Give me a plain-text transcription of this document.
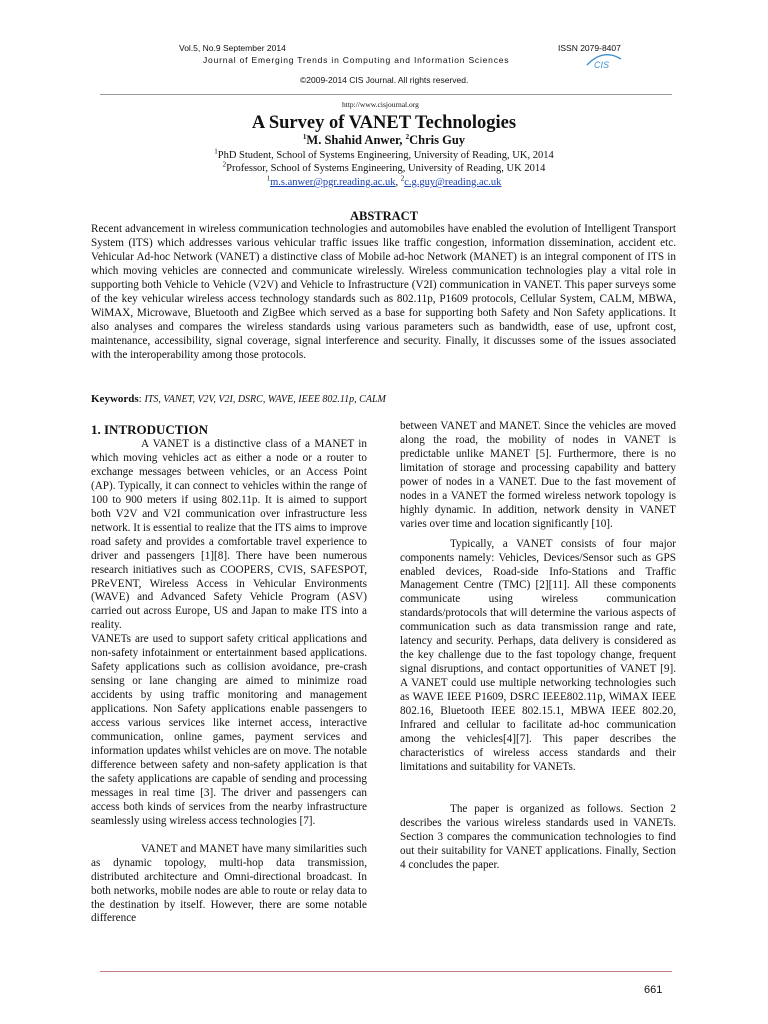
Vol.5, No.9 September 2014	ISSN 2079-8407
Journal of Emerging Trends in Computing and Information Sciences	CIS
©2009-2014 CIS Journal. All rights reserved.
http://www.cisjournal.org
A Survey of VANET Technologies
$^1$M. Shahid Anwer, $^2$Chris Guy
$^1$PhD Student, School of Systems Engineering, University of Reading, UK, 2014
$^2$Professor, School of Systems Engineering, University of Reading, UK 2014
$^1$m.s.anwer@pgr.reading.ac.uk, $^2$c.g.guy@reading.ac.uk
ABSTRACT
Recent advancement in wireless communication technologies and automobiles have enabled the evolution of Intelligent Transport System (ITS) which addresses various vehicular traffic issues like traffic congestion, information dissemination, accident etc. Vehicular Ad-hoc Network (VANET) a distinctive class of Mobile ad-hoc Network (MANET) is an integral component of ITS in which moving vehicles are connected and communicate wirelessly. Wireless communication technologies play a vital role in supporting both Vehicle to Vehicle (V2V) and Vehicle to Infrastructure (V2I) communication in VANET. This paper surveys some of the key vehicular wireless access technology standards such as 802.11p, P1609 protocols, Cellular System, CALM, MBWA, WiMAX, Microwave, Bluetooth and ZigBee which served as a base for supporting both Safety and Non Safety applications. It also analyses and compares the wireless standards using various parameters such as bandwidth, ease of use, upfront cost, maintenance, accessibility, signal coverage, signal interference and security. Finally, it discusses some of the issues associated with the interoperability among those protocols.
Keywords: ITS, VANET, V2V, V2I, DSRC, WAVE, IEEE 802.11p, CALM
1. INTRODUCTION

A VANET is a distinctive class of a MANET in which moving vehicles act as either a node or a router to exchange messages between vehicles, or an Access Point (AP). Typically, it can connect to vehicles within the range of 100 to 900 meters if using 802.11p. It is aimed to support both V2V and V2I communication over infrastructure less network. It is essential to realize that the ITS aims to improve road safety and provides a comfortable travel experience to driver and passengers [1][8]. There have been numerous research initiatives such as COOPERS, CVIS, SAFESPOT, PReVENT, Wireless Access in Vehicular Environments (WAVE) and Advanced Safety Vehicle Program (ASV) carried out across Europe, US and Japan to make ITS into a reality.

VANETs are used to support safety critical applications and non-safety infotainment or entertainment based applications. Safety applications such as collision avoidance, pre-crash sensing or lane changing are aimed to minimize road accidents by using traffic monitoring and management applications. Non Safety applications enable passengers to access various services like internet access, interactive communication, online games, payment services and information updates whilst vehicles are on move. The notable difference between safety and non-safety application is that the safety applications are capable of sending and processing messages in real time [3]. The driver and passengers can access both kinds of services from the nearby infrastructure seamlessly using wireless access technologies [7].

VANET and MANET have many similarities such as dynamic topology, multi-hop data transmission, distributed architecture and Omni-directional broadcast. In both networks, mobile nodes are able to route or relay data to the destination by itself. However, there are some notable difference

between VANET and MANET. Since the vehicles are moved along the road, the mobility of nodes in VANET is predictable unlike MANET [5]. Furthermore, there is no limitation of storage and processing capability and battery power of nodes in a VANET. Due to the fast movement of nodes in a VANET the formed wireless network topology is highly dynamic. In addition, network density in VANET varies over time and location significantly [10].

Typically, a VANET consists of four major components namely: Vehicles, Devices/Sensor such as GPS enabled devices, Road-side Info-Stations and Traffic Management Centre (TMC) [2][11]. All these components communicate using wireless communication standards/protocols that will determine the various aspects of communication such as data transmission range and rate, latency and security. Perhaps, data delivery is considered as the key challenge due to the fast topology change, frequent signal disruptions, and contact opportunities of VANET [9]. A VANET could use multiple networking technologies such as WAVE IEEE P1609, DSRC IEEE802.11p, WiMAX IEEE 802.16, Bluetooth IEEE 802.15.1, MBWA IEEE 802.20, Infrared and cellular to facilitate ad-hoc communication among the vehicles[4][7]. This paper describes the characteristics of wireless access standards and their limitations and suitability for VANETs.

The paper is organized as follows. Section 2 describes the various wireless standards used in VANETs. Section 3 compares the communication technologies to find out their suitability for VANET applications. Finally, Section 4 concludes the paper.

661
